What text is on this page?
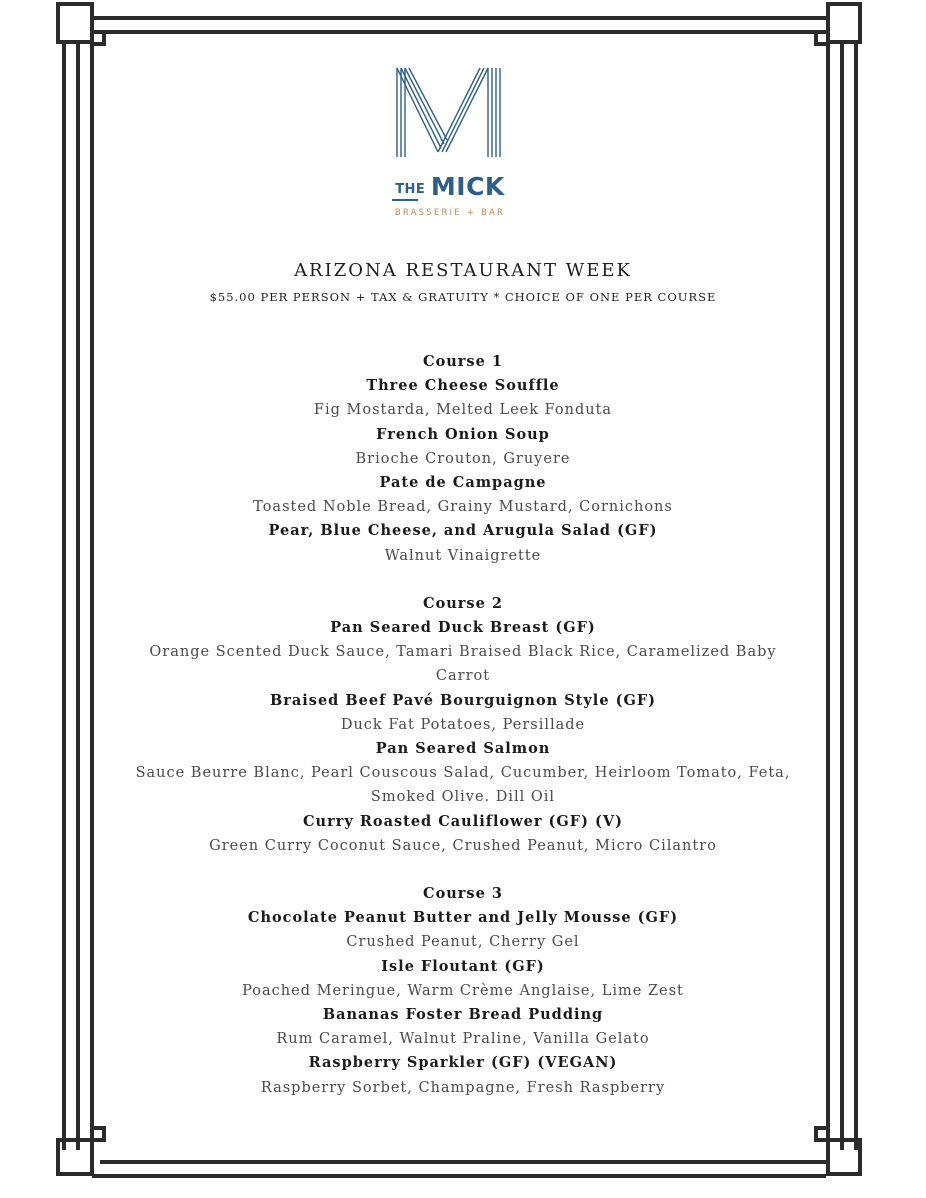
THE MICK
BRASSERIE + BAR
ARIZONA RESTAURANT WEEK
$55.00 PER PERSON + TAX & GRATUITY * CHOICE OF ONE PER COURSE
Course 1
Three Cheese Souffle
Fig Mostarda, Melted Leek Fonduta
French Onion Soup
Brioche Crouton, Gruyere
Pate de Campagne
Toasted Noble Bread, Grainy Mustard, Cornichons
Pear, Blue Cheese, and Arugula Salad (GF)
Walnut Vinaigrette
Course 2
Pan Seared Duck Breast (GF)
Orange Scented Duck Sauce, Tamari Braised Black Rice, Caramelized Baby Carrot
Braised Beef Pavé Bourguignon Style (GF)
Duck Fat Potatoes, Persillade
Pan Seared Salmon
Sauce Beurre Blanc, Pearl Couscous Salad, Cucumber, Heirloom Tomato, Feta, Smoked Olive. Dill Oil
Curry Roasted Cauliflower (GF) (V)
Green Curry Coconut Sauce, Crushed Peanut, Micro Cilantro
Course 3
Chocolate Peanut Butter and Jelly Mousse (GF)
Crushed Peanut, Cherry Gel
Isle Floutant (GF)
Poached Meringue, Warm Crème Anglaise, Lime Zest
Bananas Foster Bread Pudding
Rum Caramel, Walnut Praline, Vanilla Gelato
Raspberry Sparkler (GF) (VEGAN)
Raspberry Sorbet, Champagne, Fresh Raspberry
